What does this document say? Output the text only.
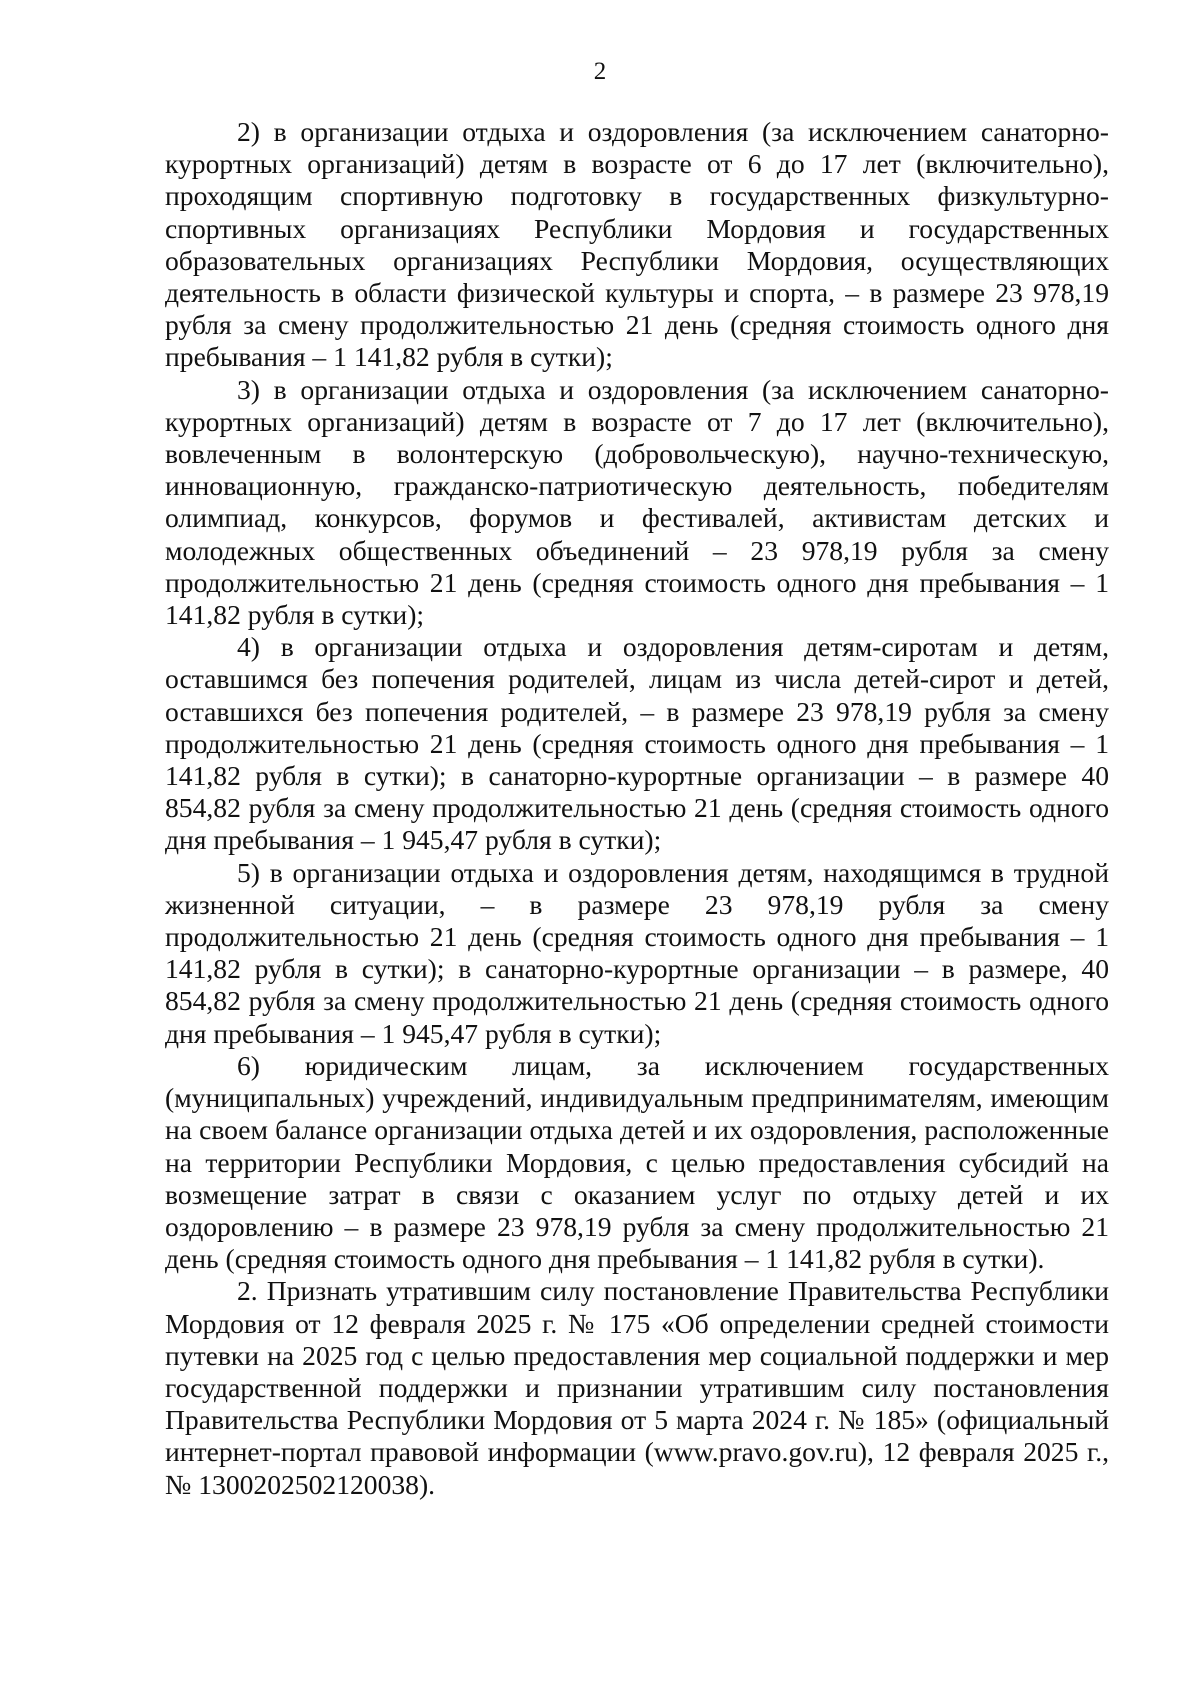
2

2) в организации отдыха и оздоровления (за исключением санаторно-курортных организаций) детям в возрасте от 6 до 17 лет (включительно), проходящим спортивную подготовку в государственных физкультурно-спортивных организациях Республики Мордовия и государственных образовательных организациях Республики Мордовия, осуществляющих деятельность в области физической культуры и спорта, – в размере 23 978,19 рубля за смену продолжительностью 21 день (средняя стоимость одного дня пребывания – 1 141,82 рубля в сутки);

3) в организации отдыха и оздоровления (за исключением санаторно-курортных организаций) детям в возрасте от 7 до 17 лет (включительно), вовлеченным в волонтерскую (добровольческую), научно-техническую, инновационную, гражданско-патриотическую деятельность, победителям олимпиад, конкурсов, форумов и фестивалей, активистам детских и молодежных общественных объединений – 23 978,19 рубля за смену продолжительностью 21 день (средняя стоимость одного дня пребывания – 1 141,82 рубля в сутки);

4) в организации отдыха и оздоровления детям-сиротам и детям, оставшимся без попечения родителей, лицам из числа детей-сирот и детей, оставшихся без попечения родителей, – в размере 23 978,19 рубля за смену продолжительностью 21 день (средняя стоимость одного дня пребывания – 1 141,82 рубля в сутки); в санаторно-курортные организации – в размере 40 854,82 рубля за смену продолжительностью 21 день (средняя стоимость одного дня пребывания – 1 945,47 рубля в сутки);

5) в организации отдыха и оздоровления детям, находящимся в трудной жизненной ситуации, – в размере 23 978,19 рубля за смену продолжительностью 21 день (средняя стоимость одного дня пребывания – 1 141,82 рубля в сутки); в санаторно-курортные организации – в размере, 40 854,82 рубля за смену продолжительностью 21 день (средняя стоимость одного дня пребывания – 1 945,47 рубля в сутки);

6) юридическим лицам, за исключением государственных (муниципальных) учреждений, индивидуальным предпринимателям, имеющим на своем балансе организации отдыха детей и их оздоровления, расположенные на территории Республики Мордовия, с целью предоставления субсидий на возмещение затрат в связи с оказанием услуг по отдыху детей и их оздоровлению – в размере 23 978,19 рубля за смену продолжительностью 21 день (средняя стоимость одного дня пребывания – 1 141,82 рубля в сутки).

2. Признать утратившим силу постановление Правительства Республики Мордовия от 12 февраля 2025 г. № 175 «Об определении средней стоимости путевки на 2025 год с целью предоставления мер социальной поддержки и мер государственной поддержки и признании утратившим силу постановления Правительства Республики Мордовия от 5 марта 2024 г. № 185» (официальный интернет-портал правовой информации (www.pravo.gov.ru), 12 февраля 2025 г., № 1300202502120038).
